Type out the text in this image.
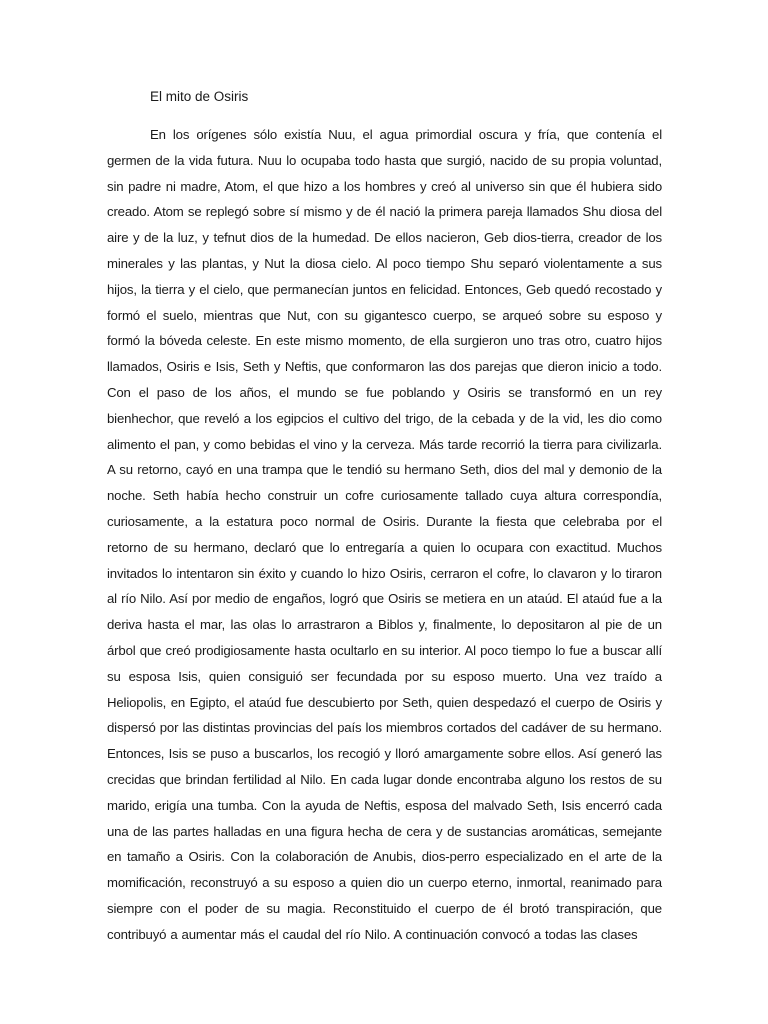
El mito de Osiris

En los orígenes sólo existía Nuu, el agua primordial oscura y fría, que contenía el germen de la vida futura. Nuu lo ocupaba todo hasta que surgió, nacido de su propia voluntad, sin padre ni madre, Atom, el que hizo a los hombres y creó al universo sin que él hubiera sido creado. Atom se replegó sobre sí mismo y de él nació la primera pareja llamados Shu diosa del aire y de la luz, y tefnut dios de la humedad. De ellos nacieron, Geb dios-tierra, creador de los minerales y las plantas, y Nut la diosa cielo. Al poco tiempo Shu separó violentamente a sus hijos, la tierra y el cielo, que permanecían juntos en felicidad. Entonces, Geb quedó recostado y formó el suelo, mientras que Nut, con su gigantesco cuerpo, se arqueó sobre su esposo y formó la bóveda celeste. En este mismo momento, de ella surgieron uno tras otro, cuatro hijos llamados, Osiris e Isis, Seth y Neftis, que conformaron las dos parejas que dieron inicio a todo. Con el paso de los años, el mundo se fue poblando y Osiris se transformó en un rey bienhechor, que reveló a los egipcios el cultivo del trigo, de la cebada y de la vid, les dio como alimento el pan, y como bebidas el vino y la cerveza. Más tarde recorrió la tierra para civilizarla. A su retorno, cayó en una trampa que le tendió su hermano Seth, dios del mal y demonio de la noche. Seth había hecho construir un cofre curiosamente tallado cuya altura correspondía, curiosamente, a la estatura poco normal de Osiris. Durante la fiesta que celebraba por el retorno de su hermano, declaró que lo entregaría a quien lo ocupara con exactitud. Muchos invitados lo intentaron sin éxito y cuando lo hizo Osiris, cerraron el cofre, lo clavaron y lo tiraron al río Nilo. Así por medio de engaños, logró que Osiris se metiera en un ataúd. El ataúd fue a la deriva hasta el mar, las olas lo arrastraron a Biblos y, finalmente, lo depositaron al pie de un árbol que creó prodigiosamente hasta ocultarlo en su interior. Al poco tiempo lo fue a buscar allí su esposa Isis, quien consiguió ser fecundada por su esposo muerto. Una vez traído a Heliopolis, en Egipto, el ataúd fue descubierto por Seth, quien despedazó el cuerpo de Osiris y dispersó por las distintas provincias del país los miembros cortados del cadáver de su hermano. Entonces, Isis se puso a buscarlos, los recogió y lloró amargamente sobre ellos. Así generó las crecidas que brindan fertilidad al Nilo. En cada lugar donde encontraba alguno los restos de su marido, erigía una tumba. Con la ayuda de Neftis, esposa del malvado Seth, Isis encerró cada una de las partes halladas en una figura hecha de cera y de sustancias aromáticas, semejante en tamaño a Osiris. Con la colaboración de Anubis, dios-perro especializado en el arte de la momificación, reconstruyó a su esposo a quien dio un cuerpo eterno, inmortal, reanimado para siempre con el poder de su magia. Reconstituido el cuerpo de él brotó transpiración, que contribuyó a aumentar más el caudal del río Nilo. A continuación convocó a todas las clases
